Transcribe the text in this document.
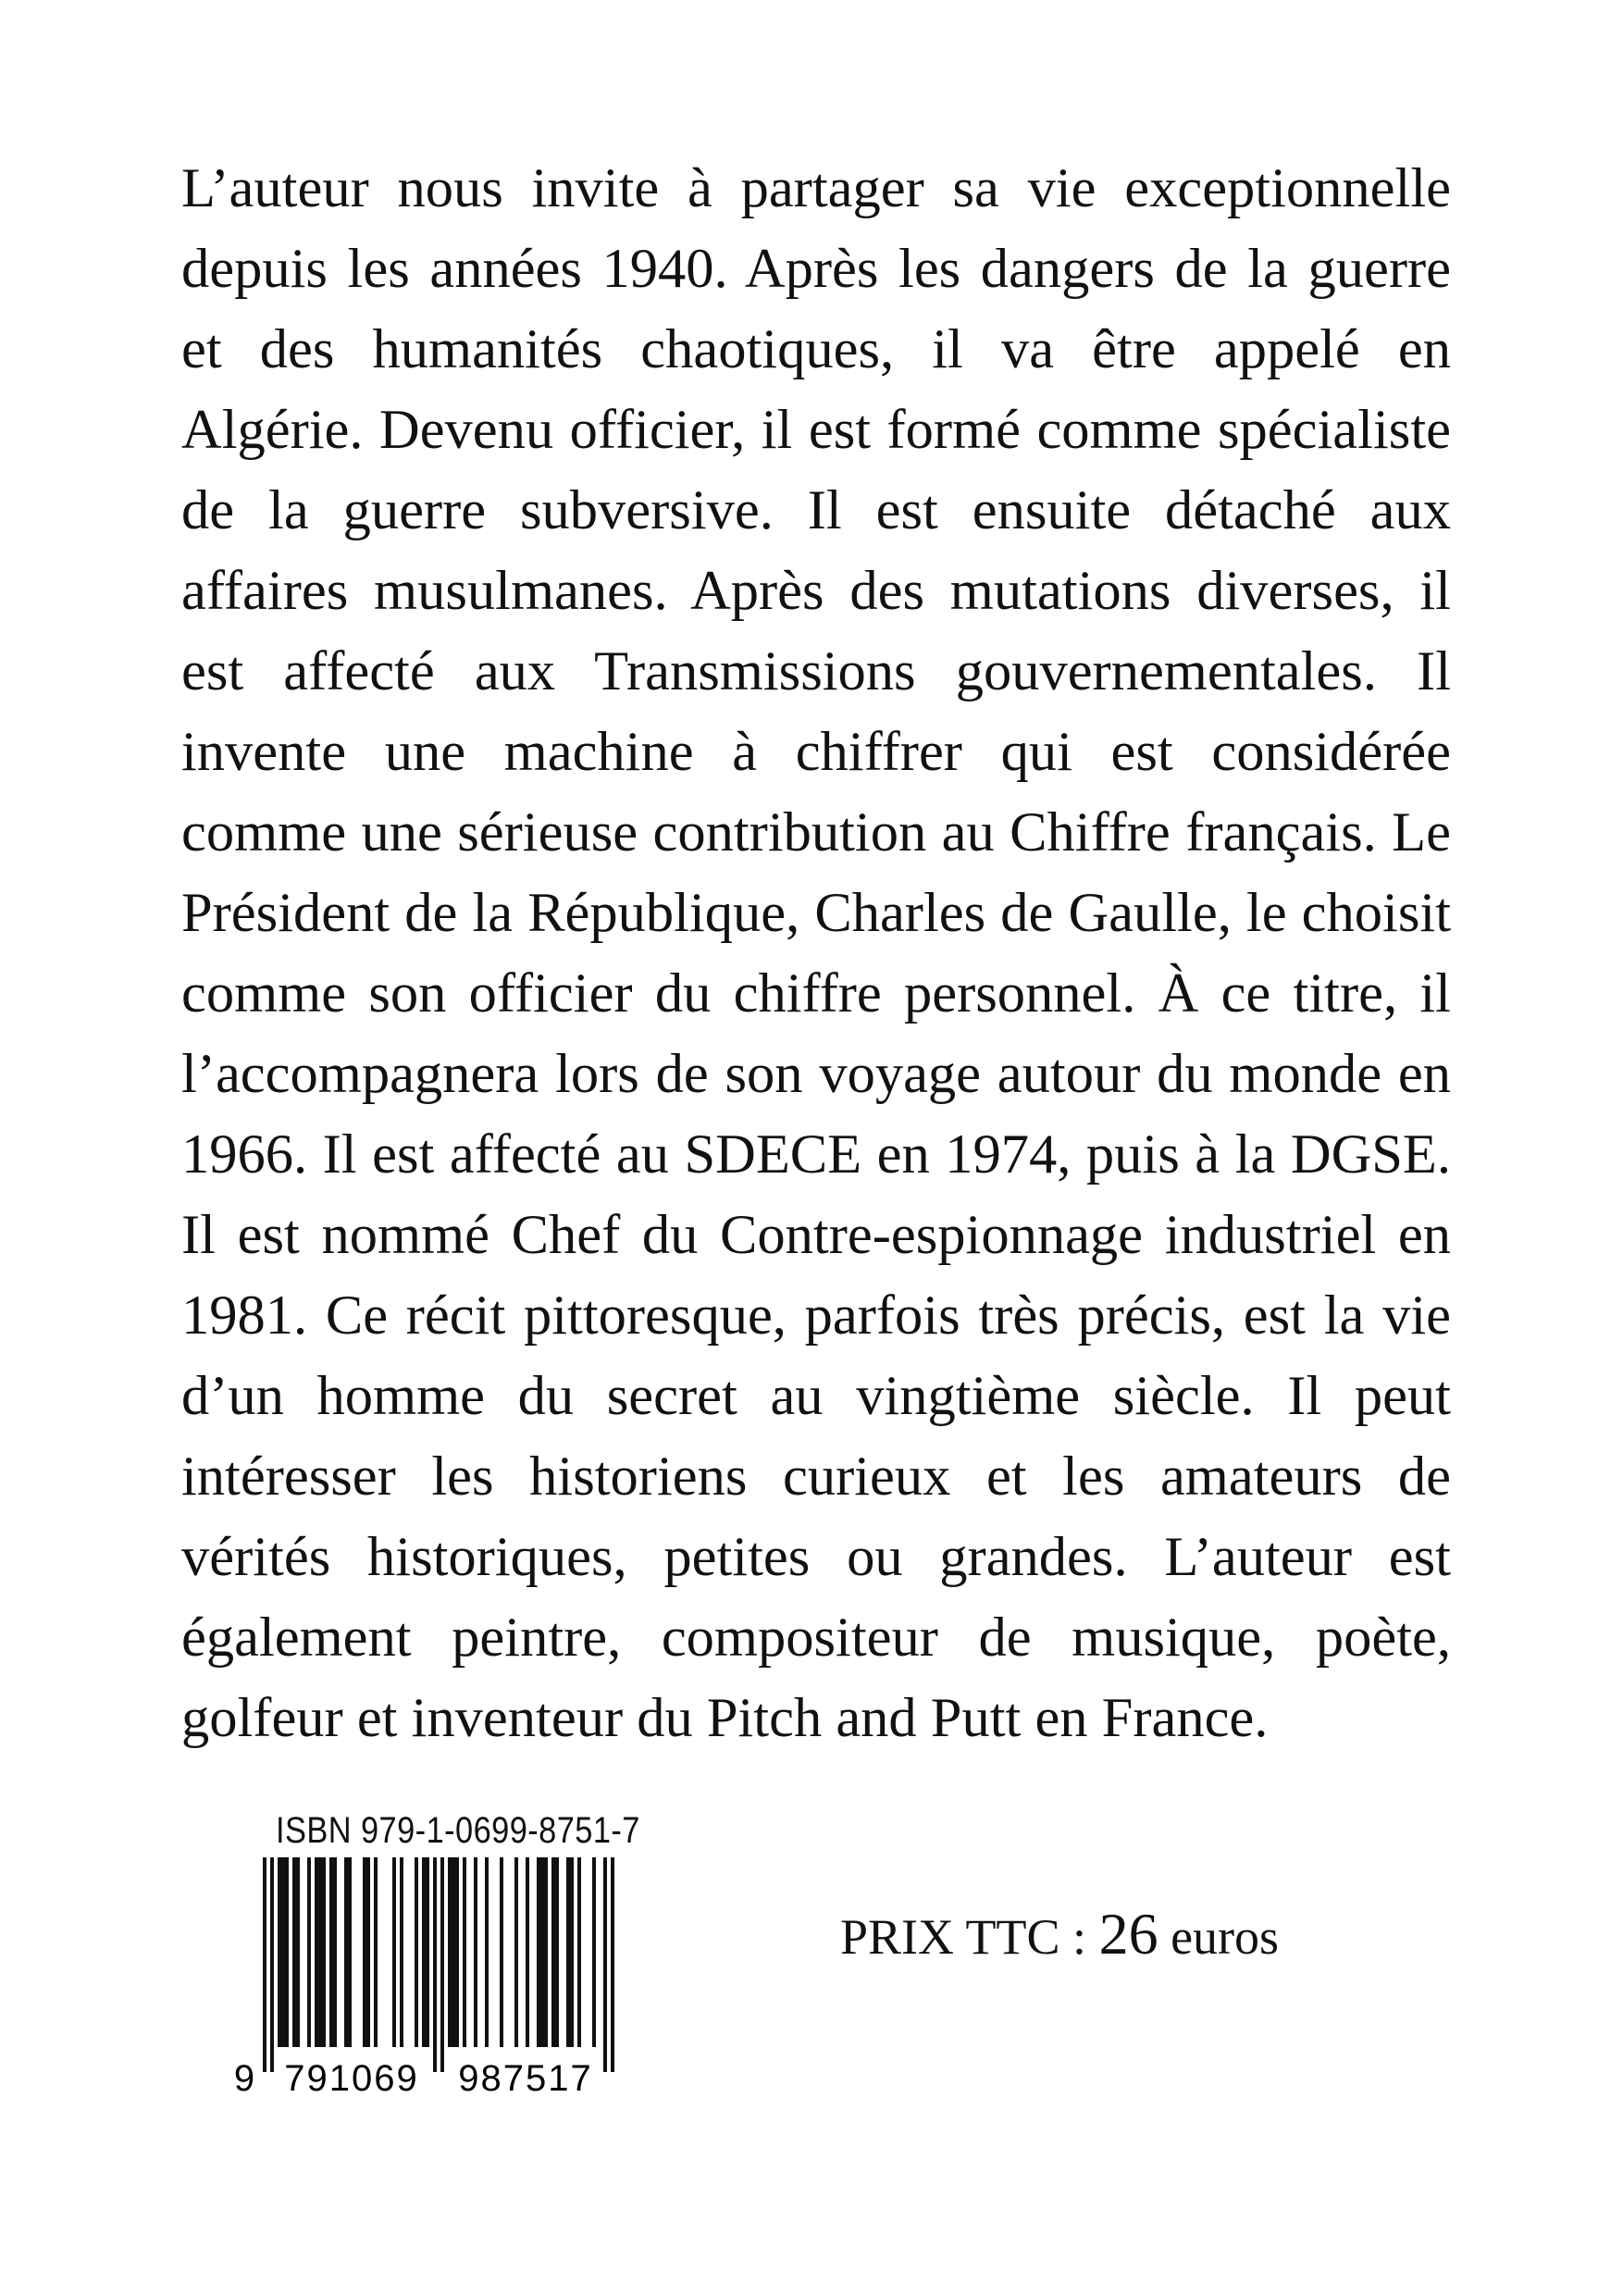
L’auteur nous invite à partager sa vie exceptionnelle depuis les années 1940. Après les dangers de la guerre et des humanités chaotiques, il va être appelé en Algérie. Devenu officier, il est formé comme spécialiste de la guerre subversive. Il est ensuite détaché aux affaires musulmanes. Après des mutations diverses, il est affecté aux Transmissions gouvernementales. Il invente une machine à chiffrer qui est considérée comme une sérieuse contribution au Chiffre français. Le Président de la République, Charles de Gaulle, le choisit comme son officier du chiffre personnel. À ce titre, il l’accompagnera lors de son voyage autour du monde en 1966. Il est affecté au SDECE en 1974, puis à la DGSE. Il est nommé Chef du Contre-espionnage industriel en 1981. Ce récit pittoresque, parfois très précis, est la vie d’un homme du secret au vingtième siècle. Il peut intéresser les historiens curieux et les amateurs de vérités historiques, petites ou grandes. L’auteur est également peintre, compositeur de musique, poète, golfeur et inventeur du Pitch and Putt en France.

ISBN 979-1-0699-8751-7
9 791069 987517
PRIX TTC : 26 euros
